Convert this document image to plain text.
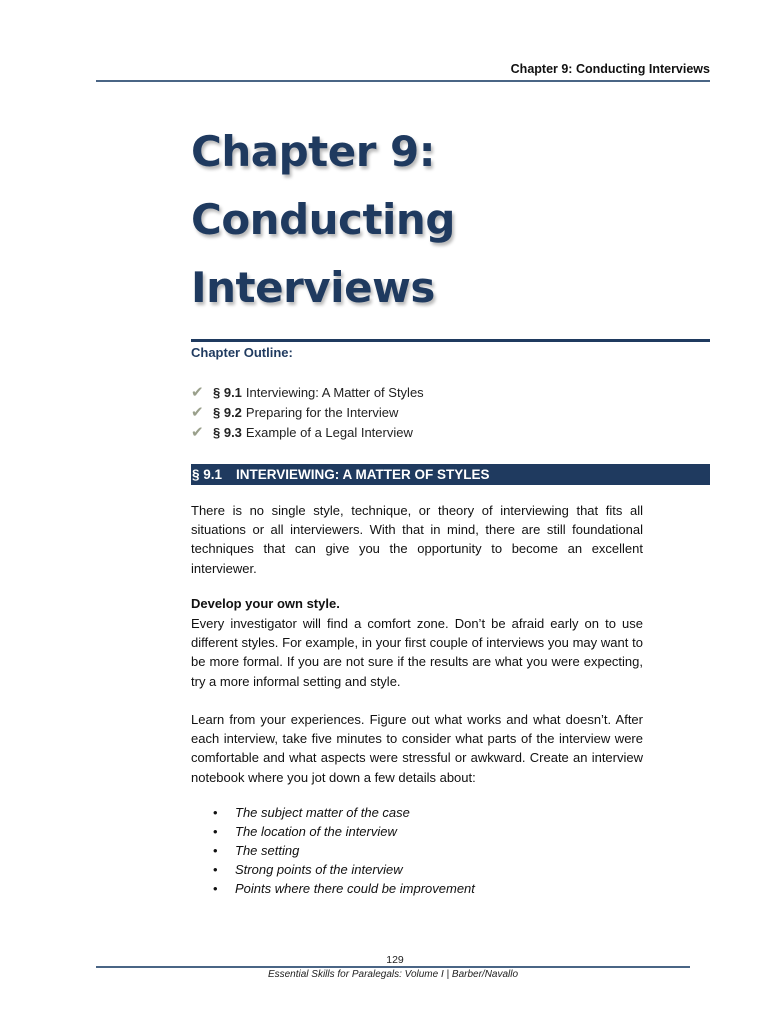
Chapter 9: Conducting Interviews
Chapter 9:
Conducting
Interviews
Chapter Outline:
✔ § 9.1 Interviewing: A Matter of Styles
✔ § 9.2 Preparing for the Interview
✔ § 9.3 Example of a Legal Interview
§ 9.1 INTERVIEWING: A MATTER OF STYLES

There is no single style, technique, or theory of interviewing that fits all situations or all interviewers. With that in mind, there are still foundational techniques that can give you the opportunity to become an excellent interviewer.

Develop your own style.

Every investigator will find a comfort zone. Don’t be afraid early on to use different styles. For example, in your first couple of interviews you may want to be more formal. If you are not sure if the results are what you were expecting, try a more informal setting and style.

Learn from your experiences. Figure out what works and what doesn’t. After each interview, take five minutes to consider what parts of the interview were comfortable and what aspects were stressful or awkward. Create an interview notebook where you jot down a few details about:

•	The subject matter of the case
•	The location of the interview
•	The setting
•	Strong points of the interview
•	Points where there could be improvement
129
Essential Skills for Paralegals: Volume I | Barber/Navallo
